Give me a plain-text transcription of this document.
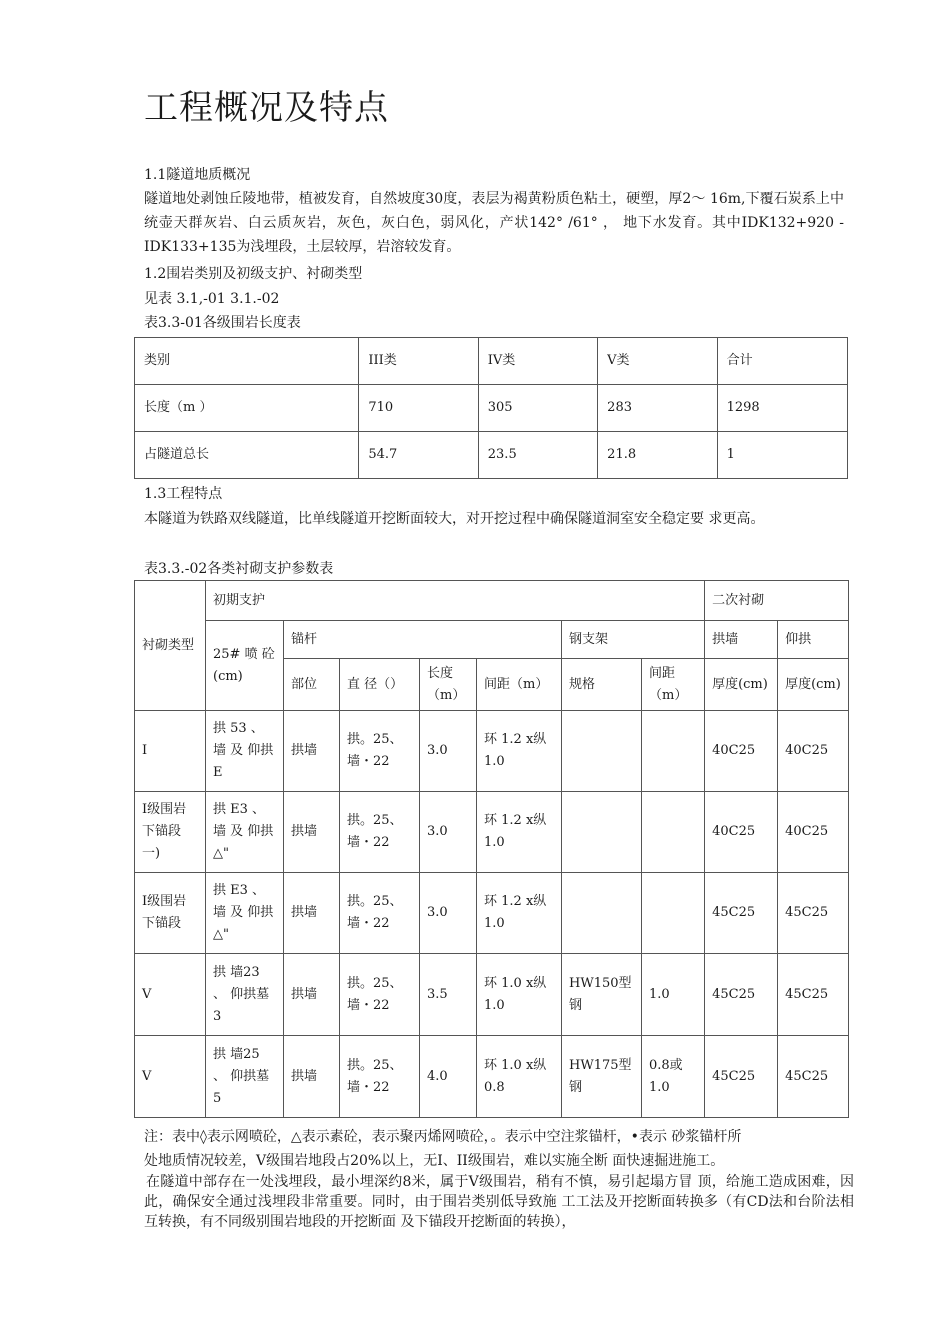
工程概况及特点
1.1隧道地质概况
隧道地处剥蚀丘陵地带，植被发育，自然坡度30度，表层为褐黄粉质色粘土，硬塑，厚2〜 16m,下覆石炭系上中统壶天群灰岩、白云质灰岩，灰色，灰白色，弱风化，产状142° /61° ， 地下水发育。其中IDK132+920 -IDK133+135为浅埋段，土层较厚，岩溶较发育。
1.2围岩类别及初级支护、衬砌类型
见表 3.1,-01 3.1.-02
表3.3-01各级围岩长度表
类别	III类	IV类	V类	合计
长度（m ）	710	305	283	1298
占隧道总长	54.7	23.5	21.8	1
1.3工程特点
本隧道为铁路双线隧道，比单线隧道开挖断面较大，对开挖过程中确保隧道洞室安全稳定要 求更高。
表3.3.-02各类衬砌支护参数表
衬砌类型	初期支护							二次衬砌	
	25# 喷 砼(cm)	锚杆				钢支架		拱墙	仰拱
		部位	直 径（）	长度（m）	间距（m）	规格	间距（m）	厚度(cm)	厚度(cm)
I	拱 53 、墙 及 仰拱E	拱墙	拱。25、墙・22	3.0	环 1.2 x纵1.0			40C25	40C25
I级围岩下锚段一)	拱 E3 、墙 及 仰拱△"	拱墙	拱。25、墙・22	3.0	环 1.2 x纵1.0			40C25	40C25
I级围岩下锚段	拱 E3 、墙 及 仰拱△"	拱墙	拱。25、墙・22	3.0	环 1.2 x纵1.0			45C25	45C25
V	拱 墙23 、 仰拱墓3	拱墙	拱。25、墙・22	3.5	环 1.0 x纵1.0	HW150型钢	1.0	45C25	45C25
V	拱 墙25 、 仰拱墓5	拱墙	拱。25、墙・22	4.0	环 1.0 x纵0.8	HW175型钢	0.8或1.0	45C25	45C25
注：表中◊表示网喷砼，△表示素砼，表示聚丙烯网喷砼，。表示中空注浆锚杆，•表示 砂浆锚杆所
处地质情况较差，V级围岩地段占20%以上，无I、II级围岩，难以实施全断 面快速掘进施工。
在隧道中部存在一处浅埋段，最小埋深约8米，属于V级围岩，稍有不慎，易引起塌方冒 顶，给施工造成困难，因此，确保安全通过浅埋段非常重要。同时，由于围岩类别低导致施 工工法及开挖断面转换多（有CD法和台阶法相互转换，有不同级别围岩地段的开挖断面 及下锚段开挖断面的转换），
